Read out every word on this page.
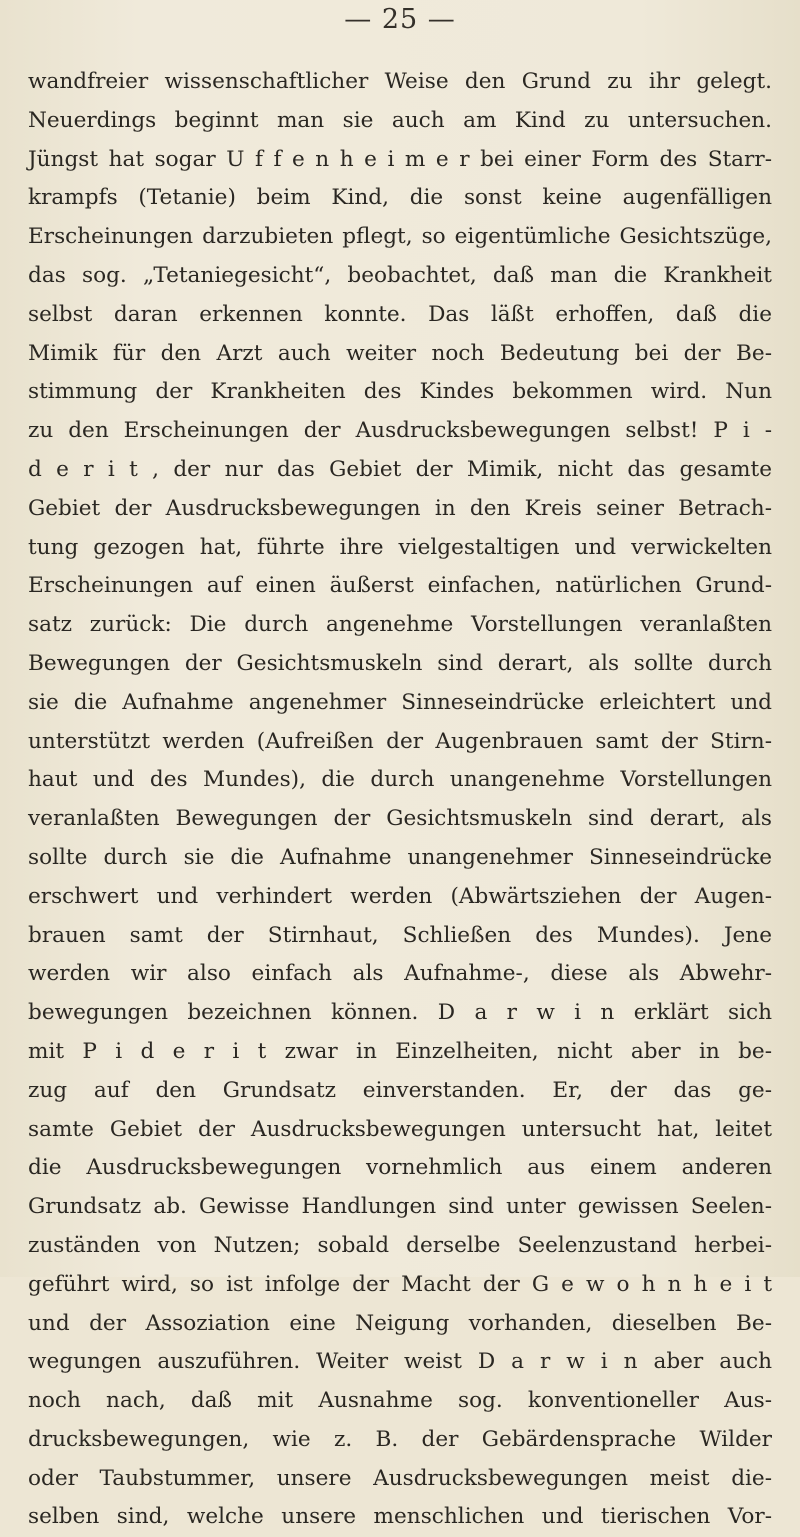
— 25 —
wandfreier wissenschaftlicher Weise den Grund zu ihr gelegt.
Neuerdings beginnt man sie auch am Kind zu untersuchen.
Jüngst hat sogar U f f e n h e i m e r bei einer Form des Starr-
krampfs (Tetanie) beim Kind, die sonst keine augenfälligen
Erscheinungen darzubieten pflegt, so eigentümliche Gesichtszüge,
das sog. „Tetaniegesicht“, beobachtet, daß man die Krankheit
selbst daran erkennen konnte. Das läßt erhoffen, daß die
Mimik für den Arzt auch weiter noch Bedeutung bei der Be-
stimmung der Krankheiten des Kindes bekommen wird. Nun
zu den Erscheinungen der Ausdrucksbewegungen selbst! P i -
d e r i t , der nur das Gebiet der Mimik, nicht das gesamte
Gebiet der Ausdrucksbewegungen in den Kreis seiner Betrach-
tung gezogen hat, führte ihre vielgestaltigen und verwickelten
Erscheinungen auf einen äußerst einfachen, natürlichen Grund-
satz zurück: Die durch angenehme Vorstellungen veranlaßten
Bewegungen der Gesichtsmuskeln sind derart, als sollte durch
sie die Aufnahme angenehmer Sinneseindrücke erleichtert und
unterstützt werden (Aufreißen der Augenbrauen samt der Stirn-
haut und des Mundes), die durch unangenehme Vorstellungen
veranlaßten Bewegungen der Gesichtsmuskeln sind derart, als
sollte durch sie die Aufnahme unangenehmer Sinneseindrücke
erschwert und verhindert werden (Abwärtsziehen der Augen-
brauen samt der Stirnhaut, Schließen des Mundes). Jene
werden wir also einfach als Aufnahme-, diese als Abwehr-
bewegungen bezeichnen können. D a r w i n erklärt sich
mit P i d e r i t zwar in Einzelheiten, nicht aber in be-
zug auf den Grundsatz einverstanden. Er, der das ge-
samte Gebiet der Ausdrucksbewegungen untersucht hat, leitet
die Ausdrucksbewegungen vornehmlich aus einem anderen
Grundsatz ab. Gewisse Handlungen sind unter gewissen Seelen-
zuständen von Nutzen; sobald derselbe Seelenzustand herbei-
geführt wird, so ist infolge der Macht der G e w o h n h e i t
und der Assoziation eine Neigung vorhanden, dieselben Be-
wegungen auszuführen. Weiter weist D a r w i n aber auch
noch nach, daß mit Ausnahme sog. konventioneller Aus-
drucksbewegungen, wie z. B. der Gebärdensprache Wilder
oder Taubstummer, unsere Ausdrucksbewegungen meist die-
selben sind, welche unsere menschlichen und tierischen Vor-
